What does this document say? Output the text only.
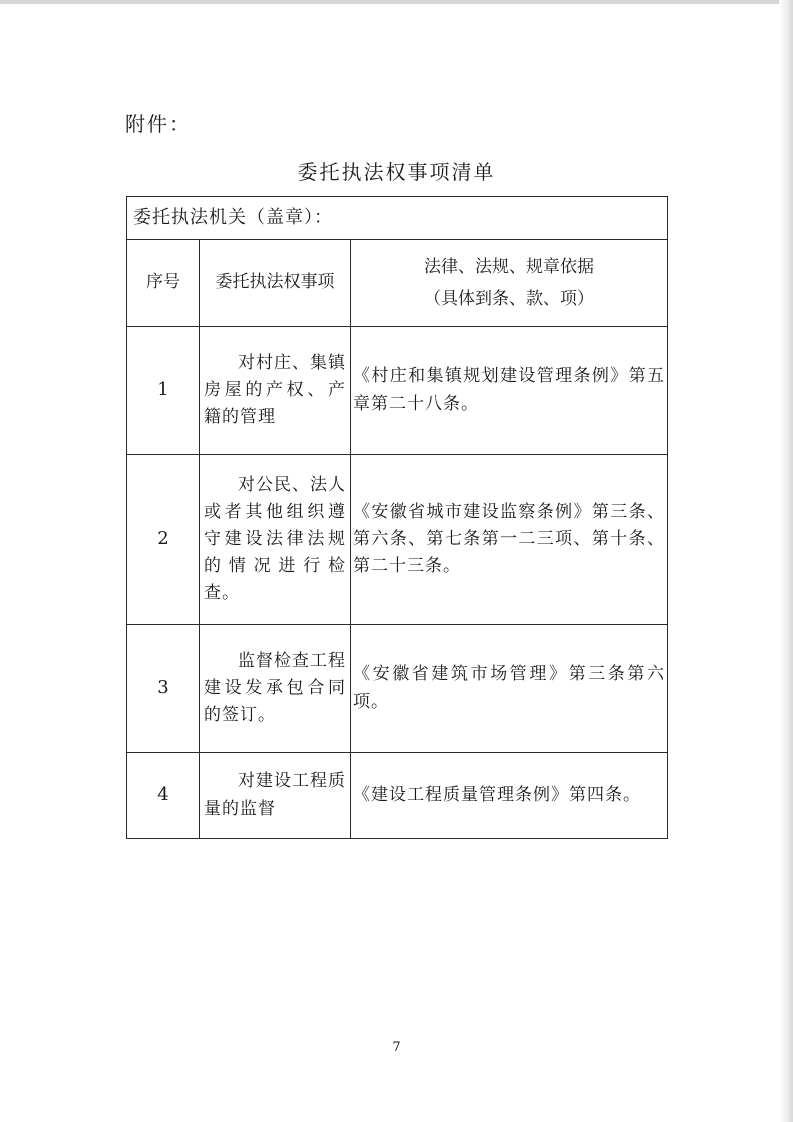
附件：
委托执法权事项清单
委托执法机关（盖章）：		
序号	委托执法权事项	法律、法规、规章依据
（具体到条、款、项）

1	对村庄、集镇房屋的产权、产籍的管理	《村庄和集镇规划建设管理条例》第五章第二十八条。
2	对公民、法人或者其他组织遵守建设法律法规的情况进行检查。	《安徽省城市建设监察条例》第三条、第六条、第七条第一二三项、第十条、第二十三条。
3	监督检查工程建设发承包合同的签订。	《安徽省建筑市场管理》第三条第六项。
4	对建设工程质量的监督	《建设工程质量管理条例》第四条。
7
